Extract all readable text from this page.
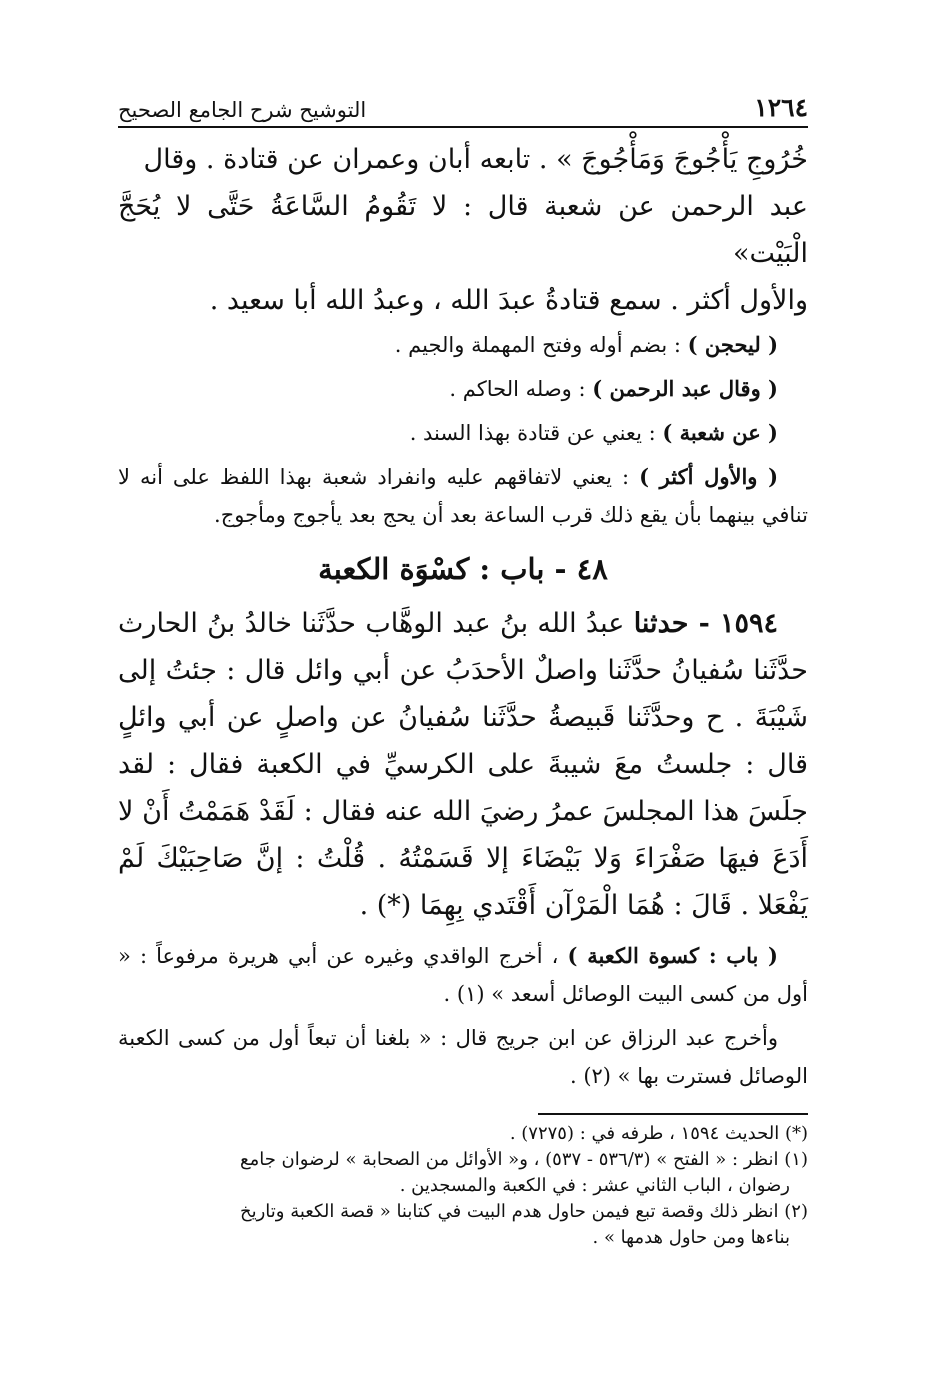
١٢٦٤
التوشيح شرح الجامع الصحيح

خُرُوجِ يَأْجُوجَ وَمَأْجُوجَ » . تابعه أبان وعمران عن قتادة . وقال

عبد الرحمن عن شعبة قال : لا تَقُومُ السَّاعَةُ حَتَّى لا يُحَجَّ الْبَيْت»

والأول أكثر . سمع قتادةُ عبدَ الله ، وعبدُ الله أبا سعيد .

( ليحجن ) : بضم أوله وفتح المهملة والجيم .

( وقال عبد الرحمن ) : وصله الحاكم .

( عن شعبة ) : يعني عن قتادة بهذا السند .

( والأول أكثر ) : يعني لاتفاقهم عليه وانفراد شعبة بهذا اللفظ على أنه لا تنافي بينهما بأن يقع ذلك قرب الساعة بعد أن يحج بعد يأجوج ومأجوج.

٤٨ - باب : كسْوَة الكعبة

١٥٩٤ - حدثنا عبدُ الله بنُ عبد الوهَّاب حدَّثَنا خالدُ بنُ الحارث حدَّثَنا سُفيانُ حدَّثَنا واصلٌ الأحدَبُ عن أبي وائل قال : جئتُ إلى شَيْبَةَ . ح وحدَّثَنا قَبيصةُ حدَّثَنا سُفيانُ عن واصلٍ عن أبي وائلٍ قال : جلستُ معَ شيبةَ على الكرسيِّ في الكعبة فقال : لقد جلَسَ هذا المجلسَ عمرُ رضيَ الله عنه فقال : لَقَدْ هَمَمْتُ أَنْ لا أَدَعَ فيهَا صَفْرَاءَ وَلا بَيْضَاءَ إلا قَسَمْتُهُ . قُلْتُ : إنَّ صَاحِبَيْكَ لَمْ يَفْعَلا . قَالَ : هُمَا الْمَرْآن أَقْتَدي بِهِمَا (*) .

( باب : كسوة الكعبة ) ، أخرج الواقدي وغيره عن أبي هريرة مرفوعاً : « أول من كسى البيت الوصائل أسعد » (١) .

وأخرج عبد الرزاق عن ابن جريج قال : « بلغنا أن تبعاً أول من كسى الكعبة الوصائل فسترت بها » (٢) .

(*) الحديث ١٥٩٤ ، طرفه في : (٧٢٧٥) .

(١) انظر : « الفتح » (٥٣٦/٣ - ٥٣٧) ، و« الأوائل من الصحابة » لرضوان جامع

رضوان ، الباب الثاني عشر : في الكعبة والمسجدين .

(٢) انظر ذلك وقصة تبع فيمن حاول هدم البيت في كتابنا « قصة الكعبة وتاريخ

بناءها ومن حاول هدمها » .
